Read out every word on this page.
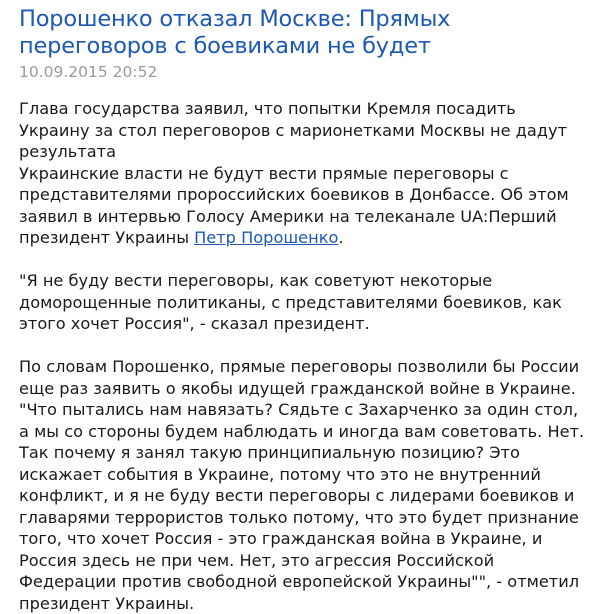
Порошенко отказал Москве: Прямых переговоров с боевиками не будет
10.09.2015 20:52

Глава государства заявил, что попытки Кремля посадить Украину за стол переговоров с марионетками Москвы не дадут результата

Украинские власти не будут вести прямые переговоры с представителями пророссийских боевиков в Донбассе. Об этом заявил в интервью Голосу Америки на телеканале UA:Перший президент Украины Петр Порошенко.

"Я не буду вести переговоры, как советуют некоторые доморощенные политиканы, с представителями боевиков, как этого хочет Россия", - сказал президент.

По словам Порошенко, прямые переговоры позволили бы России еще раз заявить о якобы идущей гражданской войне в Украине. "Что пытались нам навязать? Сядьте с Захарченко за один стол, а мы со стороны будем наблюдать и иногда вам советовать. Нет. Так почему я занял такую принципиальную позицию? Это искажает события в Украине, потому что это не внутренний конфликт, и я не буду вести переговоры с лидерами боевиков и главарями террористов только потому, что это будет признание того, что хочет Россия - это гражданская война в Украине, и Россия здесь не при чем. Нет, это агрессия Российской Федерации против свободной европейской Украины"", - отметил президент Украины.
